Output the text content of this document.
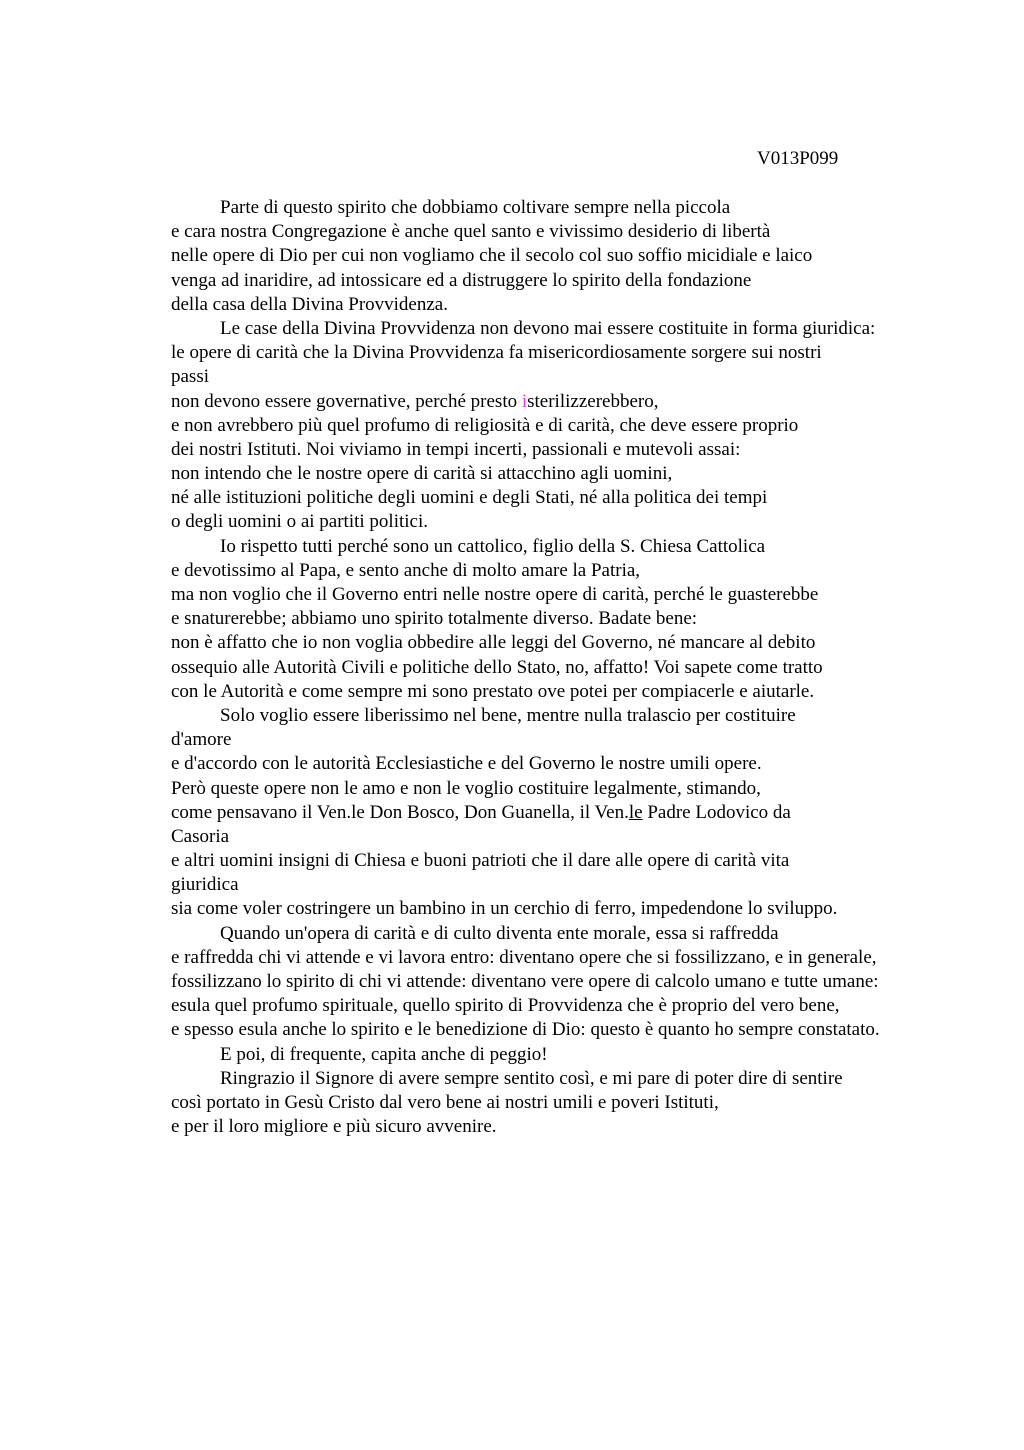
V013P099
Parte di questo spirito che dobbiamo coltivare sempre nella piccola
e cara nostra Congregazione è anche quel santo e vivissimo desiderio di libertà
nelle opere di Dio per cui non vogliamo che il secolo col suo soffio micidiale e laico
venga ad inaridire, ad intossicare ed a distruggere lo spirito della fondazione
della casa della Divina Provvidenza.
Le case della Divina Provvidenza non devono mai essere costituite in forma giuridica:
le opere di carità che la Divina Provvidenza fa misericordiosamente sorgere sui nostri
passi
non devono essere governative, perché presto isterilizzerebbero,
e non avrebbero più quel profumo di religiosità e di carità, che deve essere proprio
dei nostri Istituti. Noi viviamo in tempi incerti, passionali e mutevoli assai:
non intendo che le nostre opere di carità si attacchino agli uomini,
né alle istituzioni politiche degli uomini e degli Stati, né alla politica dei tempi
o degli uomini o ai partiti politici.
Io rispetto tutti perché sono un cattolico, figlio della S. Chiesa Cattolica
e devotissimo al Papa, e sento anche di molto amare la Patria,
ma non voglio che il Governo entri nelle nostre opere di carità, perché le guasterebbe
e snaturerebbe; abbiamo uno spirito totalmente diverso. Badate bene:
non è affatto che io non voglia obbedire alle leggi del Governo, né mancare al debito
ossequio alle Autorità Civili e politiche dello Stato, no, affatto! Voi sapete come tratto
con le Autorità e come sempre mi sono prestato ove potei per compiacerle e aiutarle.
Solo voglio essere liberissimo nel bene, mentre nulla tralascio per costituire
d'amore
e d'accordo con le autorità Ecclesiastiche e del Governo le nostre umili opere.
Però queste opere non le amo e non le voglio costituire legalmente, stimando,
come pensavano il Ven.le Don Bosco, Don Guanella, il Ven.le Padre Lodovico da
Casoria
e altri uomini insigni di Chiesa e buoni patrioti che il dare alle opere di carità vita
giuridica
sia come voler costringere un bambino in un cerchio di ferro, impedendone lo sviluppo.
Quando un'opera di carità e di culto diventa ente morale, essa si raffredda
e raffredda chi vi attende e vi lavora entro: diventano opere che si fossilizzano, e in generale,
fossilizzano lo spirito di chi vi attende: diventano vere opere di calcolo umano e tutte umane:
esula quel profumo spirituale, quello spirito di Provvidenza che è proprio del vero bene,
e spesso esula anche lo spirito e le benedizione di Dio: questo è quanto ho sempre constatato.
E poi, di frequente, capita anche di peggio!
Ringrazio il Signore di avere sempre sentito così, e mi pare di poter dire di sentire
così portato in Gesù Cristo dal vero bene ai nostri umili e poveri Istituti,
e per il loro migliore e più sicuro avvenire.
